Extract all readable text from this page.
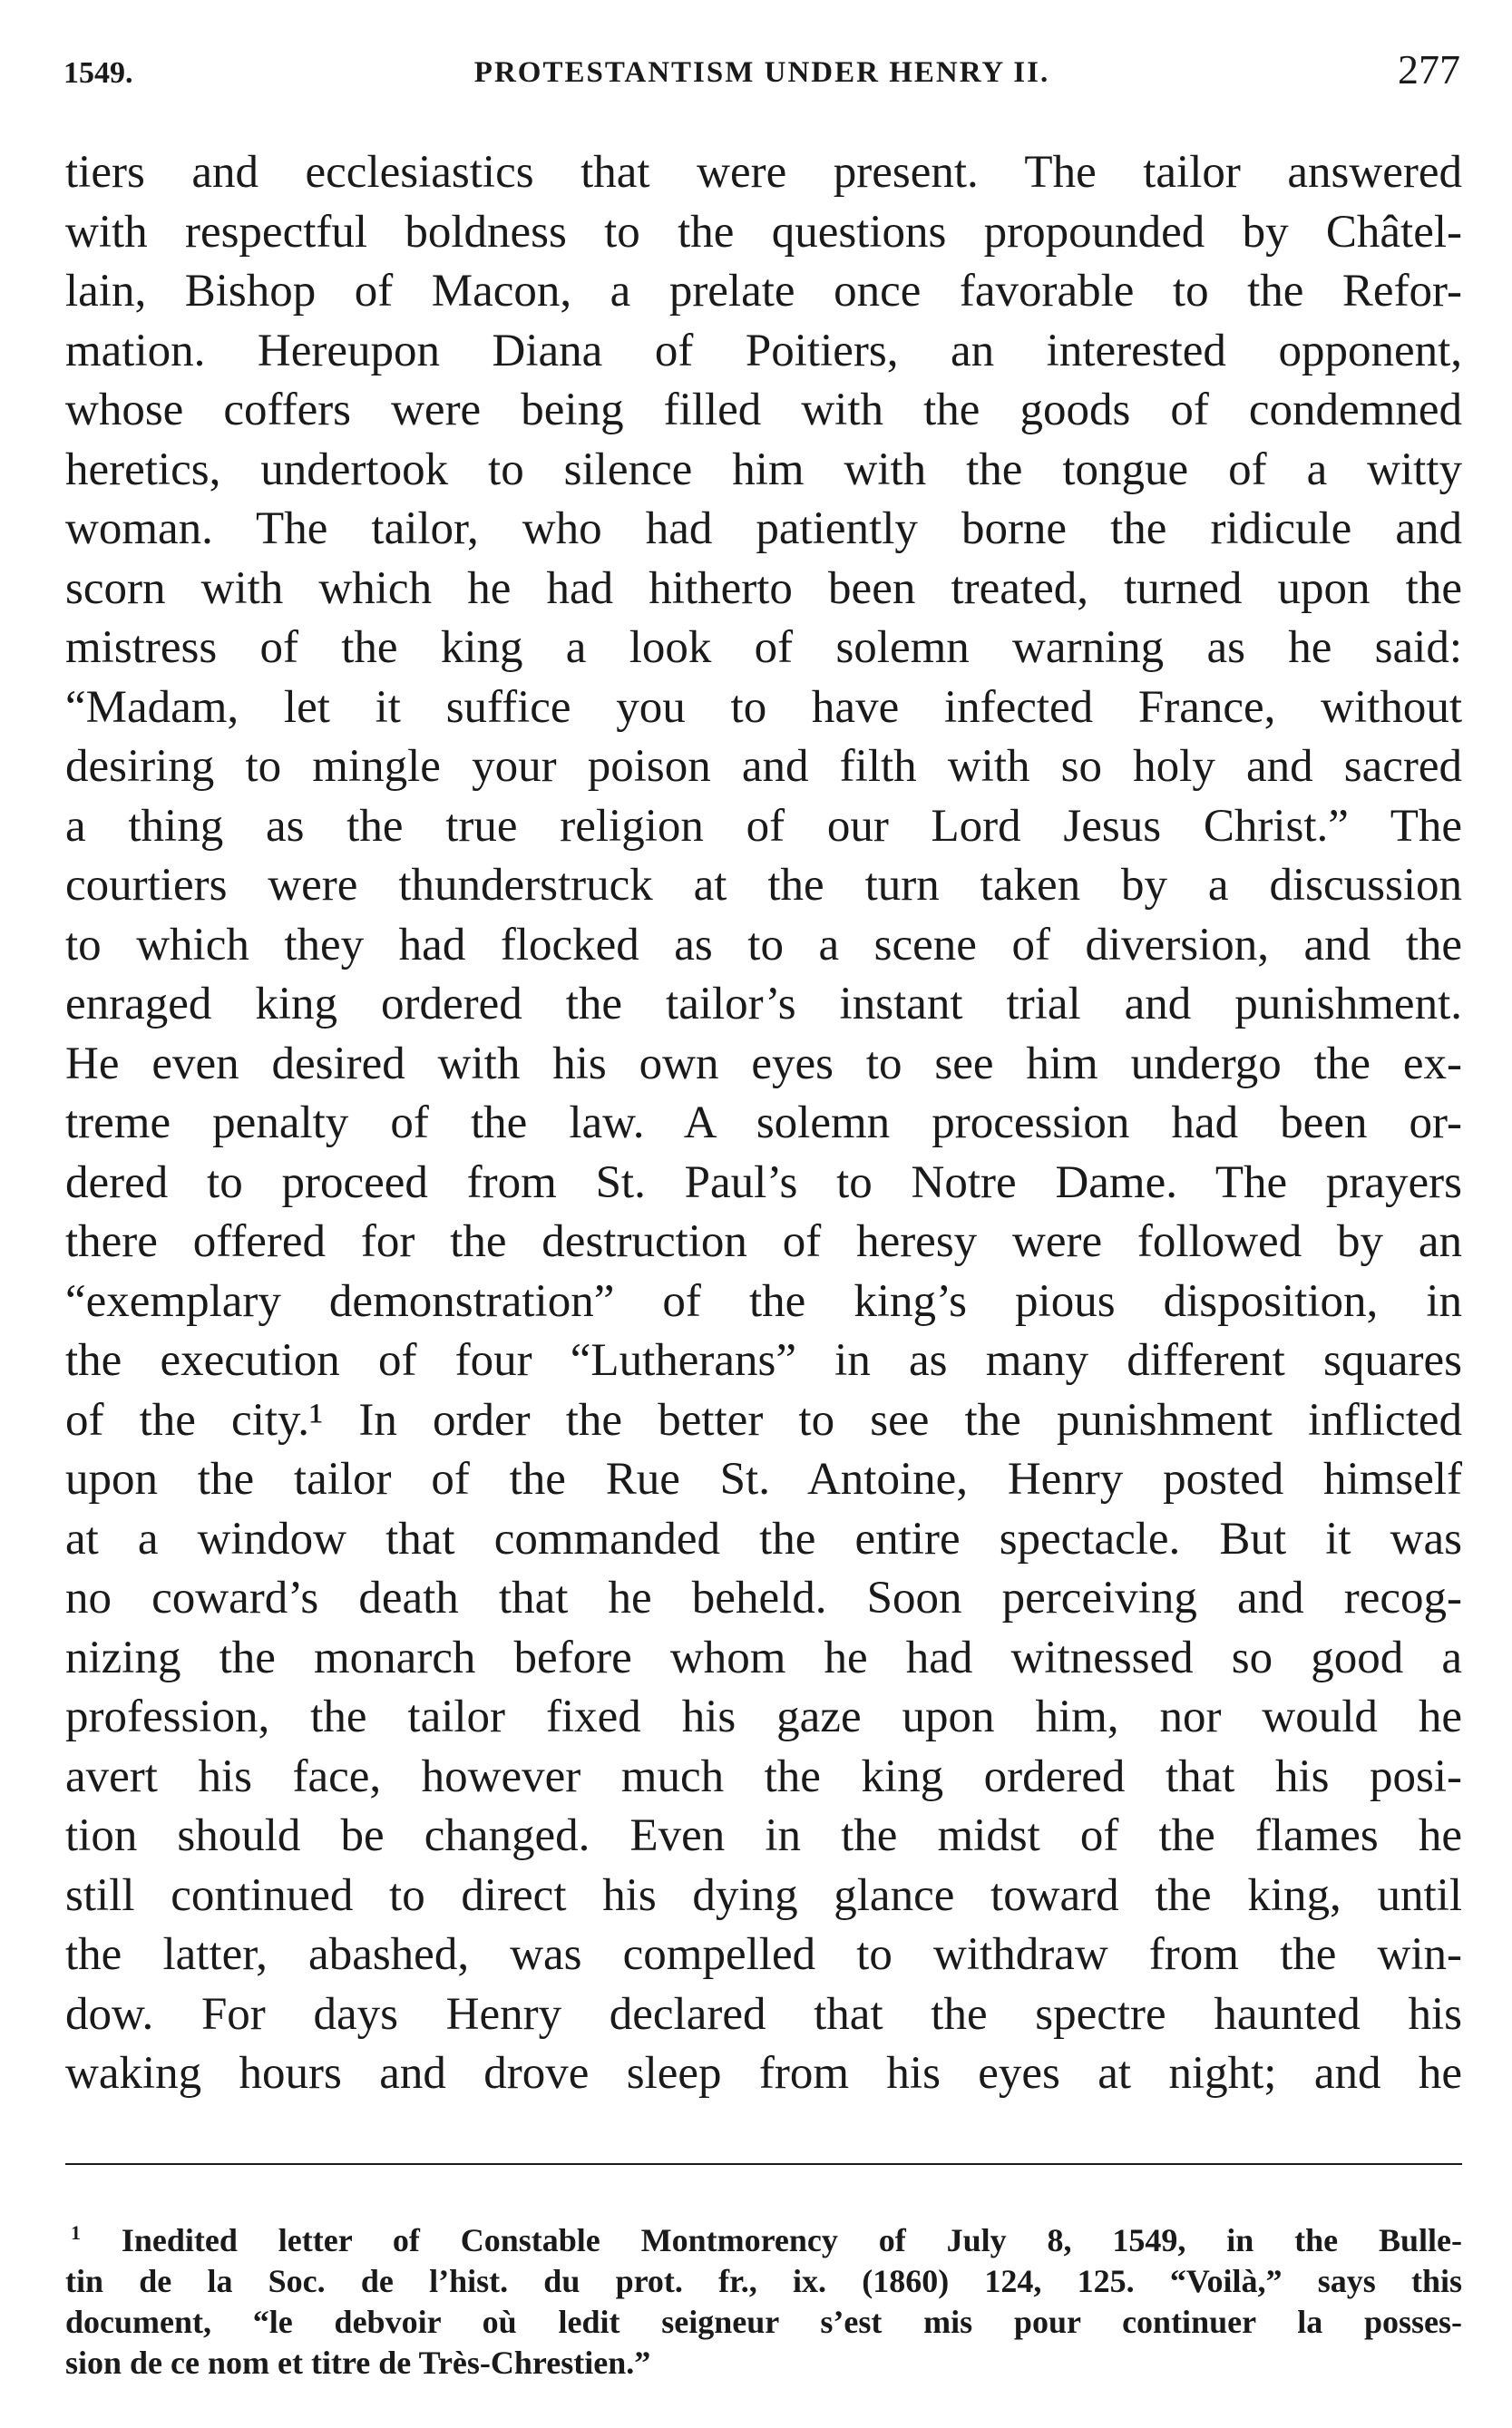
1549.	PROTESTANTISM UNDER HENRY II.	277
tiers and ecclesiastics that were present. The tailor answered
with respectful boldness to the questions propounded by Châtel-
lain, Bishop of Macon, a prelate once favorable to the Refor-
mation. Hereupon Diana of Poitiers, an interested opponent,
whose coffers were being filled with the goods of condemned
heretics, undertook to silence him with the tongue of a witty
woman. The tailor, who had patiently borne the ridicule and
scorn with which he had hitherto been treated, turned upon the
mistress of the king a look of solemn warning as he said:
“Madam, let it suffice you to have infected France, without
desiring to mingle your poison and filth with so holy and sacred
a thing as the true religion of our Lord Jesus Christ.” The
courtiers were thunderstruck at the turn taken by a discussion
to which they had flocked as to a scene of diversion, and the
enraged king ordered the tailor’s instant trial and punishment.
He even desired with his own eyes to see him undergo the ex-
treme penalty of the law. A solemn procession had been or-
dered to proceed from St. Paul’s to Notre Dame. The prayers
there offered for the destruction of heresy were followed by an
“exemplary demonstration” of the king’s pious disposition, in
the execution of four “Lutherans” in as many different squares
of the city.¹ In order the better to see the punishment inflicted
upon the tailor of the Rue St. Antoine, Henry posted himself
at a window that commanded the entire spectacle. But it was
no coward’s death that he beheld. Soon perceiving and recog-
nizing the monarch before whom he had witnessed so good a
profession, the tailor fixed his gaze upon him, nor would he
avert his face, however much the king ordered that his posi-
tion should be changed. Even in the midst of the flames he
still continued to direct his dying glance toward the king, until
the latter, abashed, was compelled to withdraw from the win-
dow. For days Henry declared that the spectre haunted his
waking hours and drove sleep from his eyes at night; and he
$^1$ Inedited letter of Constable Montmorency of July 8, 1549, in the Bulle-
tin de la Soc. de l’hist. du prot. fr., ix. (1860) 124, 125. “Voilà,” says this
document, “le debvoir où ledit seigneur s’est mis pour continuer la posses-
sion de ce nom et titre de Très-Chrestien.”
